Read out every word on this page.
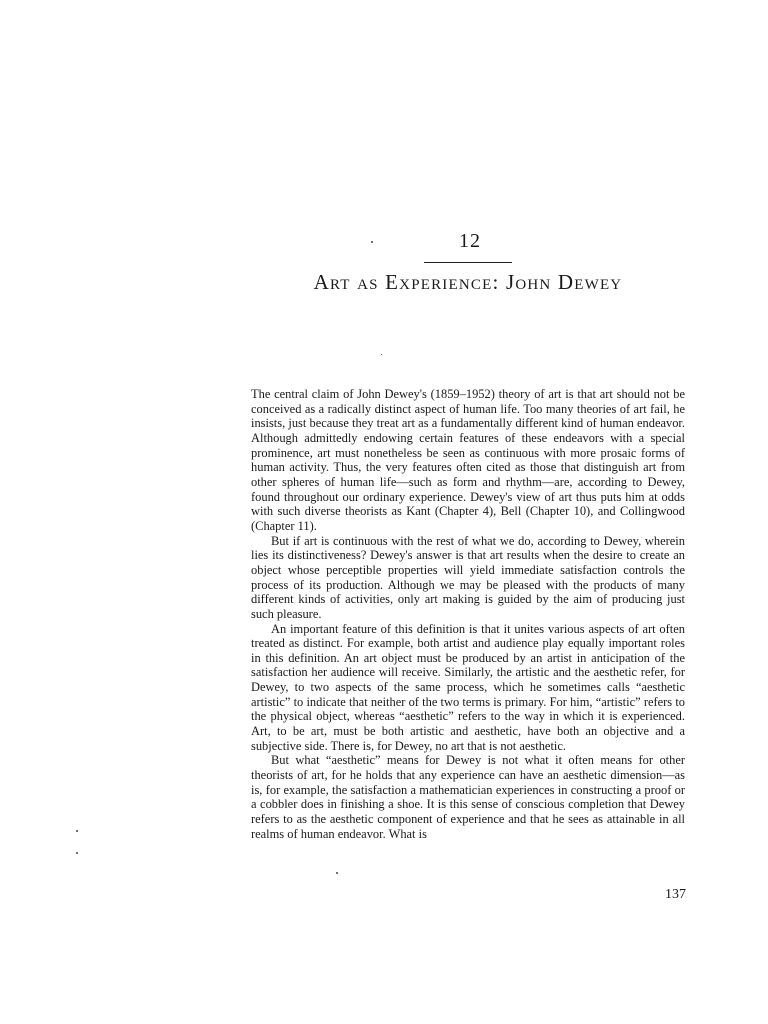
12
Art as Experience: John Dewey

The central claim of John Dewey's (1859–1952) theory of art is that art should not be conceived as a radically distinct aspect of human life. Too many theories of art fail, he insists, just because they treat art as a fundamentally different kind of human endeavor. Although admittedly endowing certain features of these endeavors with a special prominence, art must nonetheless be seen as continuous with more prosaic forms of human activity. Thus, the very features often cited as those that distinguish art from other spheres of human life—such as form and rhythm—are, according to Dewey, found throughout our ordinary experience. Dewey's view of art thus puts him at odds with such diverse theorists as Kant (Chapter 4), Bell (Chapter 10), and Collingwood (Chapter 11).

But if art is continuous with the rest of what we do, according to Dewey, wherein lies its distinctiveness? Dewey's answer is that art results when the desire to create an object whose perceptible properties will yield immediate satisfaction controls the process of its production. Although we may be pleased with the products of many different kinds of activities, only art making is guided by the aim of producing just such pleasure.

An important feature of this definition is that it unites various aspects of art often treated as distinct. For example, both artist and audience play equally important roles in this definition. An art object must be produced by an artist in anticipation of the satisfaction her audience will receive. Similarly, the artistic and the aesthetic refer, for Dewey, to two aspects of the same process, which he sometimes calls “aesthetic artistic” to indicate that neither of the two terms is primary. For him, “artistic” refers to the physical object, whereas “aesthetic” refers to the way in which it is experienced. Art, to be art, must be both artistic and aesthetic, have both an objective and a subjective side. There is, for Dewey, no art that is not aesthetic.

But what “aesthetic” means for Dewey is not what it often means for other theorists of art, for he holds that any experience can have an aesthetic dimension—as is, for example, the satisfaction a mathematician experiences in constructing a proof or a cobbler does in finishing a shoe. It is this sense of conscious completion that Dewey refers to as the aesthetic component of experience and that he sees as attainable in all realms of human endeavor. What is

137
